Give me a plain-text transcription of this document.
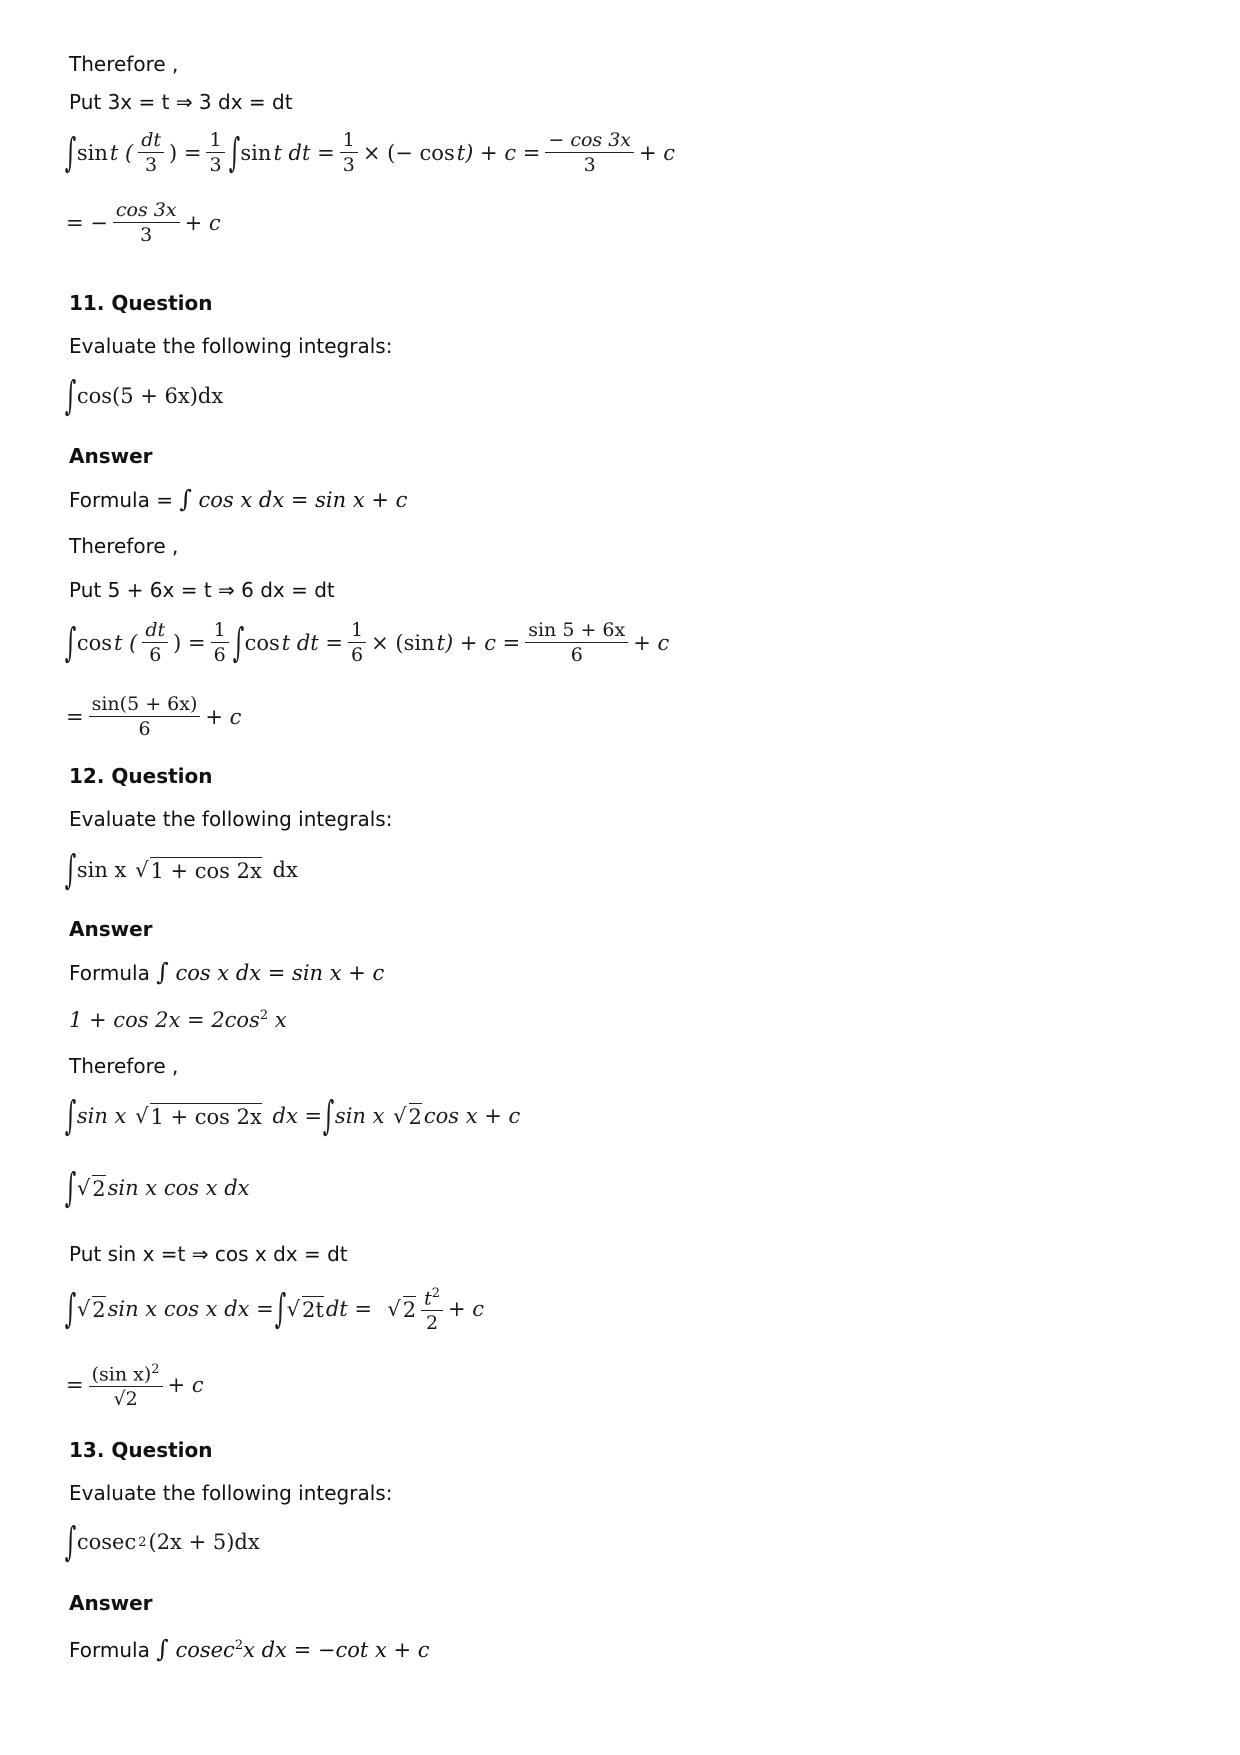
Therefore ,
Put 3x = t ⇒ 3 dx = dt
∫ sin t ( $\frac{dt}{3}$ ) = $\frac{1}{3}$ ∫ sin t dt = $\frac{1}{3}$ × (− $\cos t) + c = \frac{- \cos 3x}{3} + c$
= − $\frac{\cos 3x}{3} + c$
11. Question
Evaluate the following integrals:
∫ cos(5 + 6x)dx
Answer
Formula = ∫ cos x dx = sin x + c
Therefore ,
Put 5 + 6x = t ⇒ 6 dx = dt
∫ cos t ( $\frac{dt}{6}$ ) = $\frac{1}{6}$ ∫ cos t dt = $\frac{1}{6} \times (\sin$ $t) + c = \frac{\sin 5 + 6x}{6} + c$
= $\frac{\sin(5 + 6x)}{6} + c$
12. Question
Evaluate the following integrals:
∫ sin x √ 1 + cos 2x
dx
Answer
Formula ∫ cos x dx = sin x + c
$1 + \cos 2x = 2\cos^2$ x
Therefore ,
∫ sin x √ 1 + cos 2x
dx = ∫ sin x √ 2 cos x + c
∫ √ 2 sin x cos x dx
Put sin x =t ⇒ cos x dx = dt
∫ √ 2 sin x cos x dx = ∫ √ 2t dt = √ $2 \frac{t^2}{2} + c$
= $\frac{(\sin x)^2}{√2} + c$
13. Question
Evaluate the following integrals:
∫ cosec 2 (2x + 5)dx
Answer
Formula ∫ cosec$^2$x dx = −cot x + c
